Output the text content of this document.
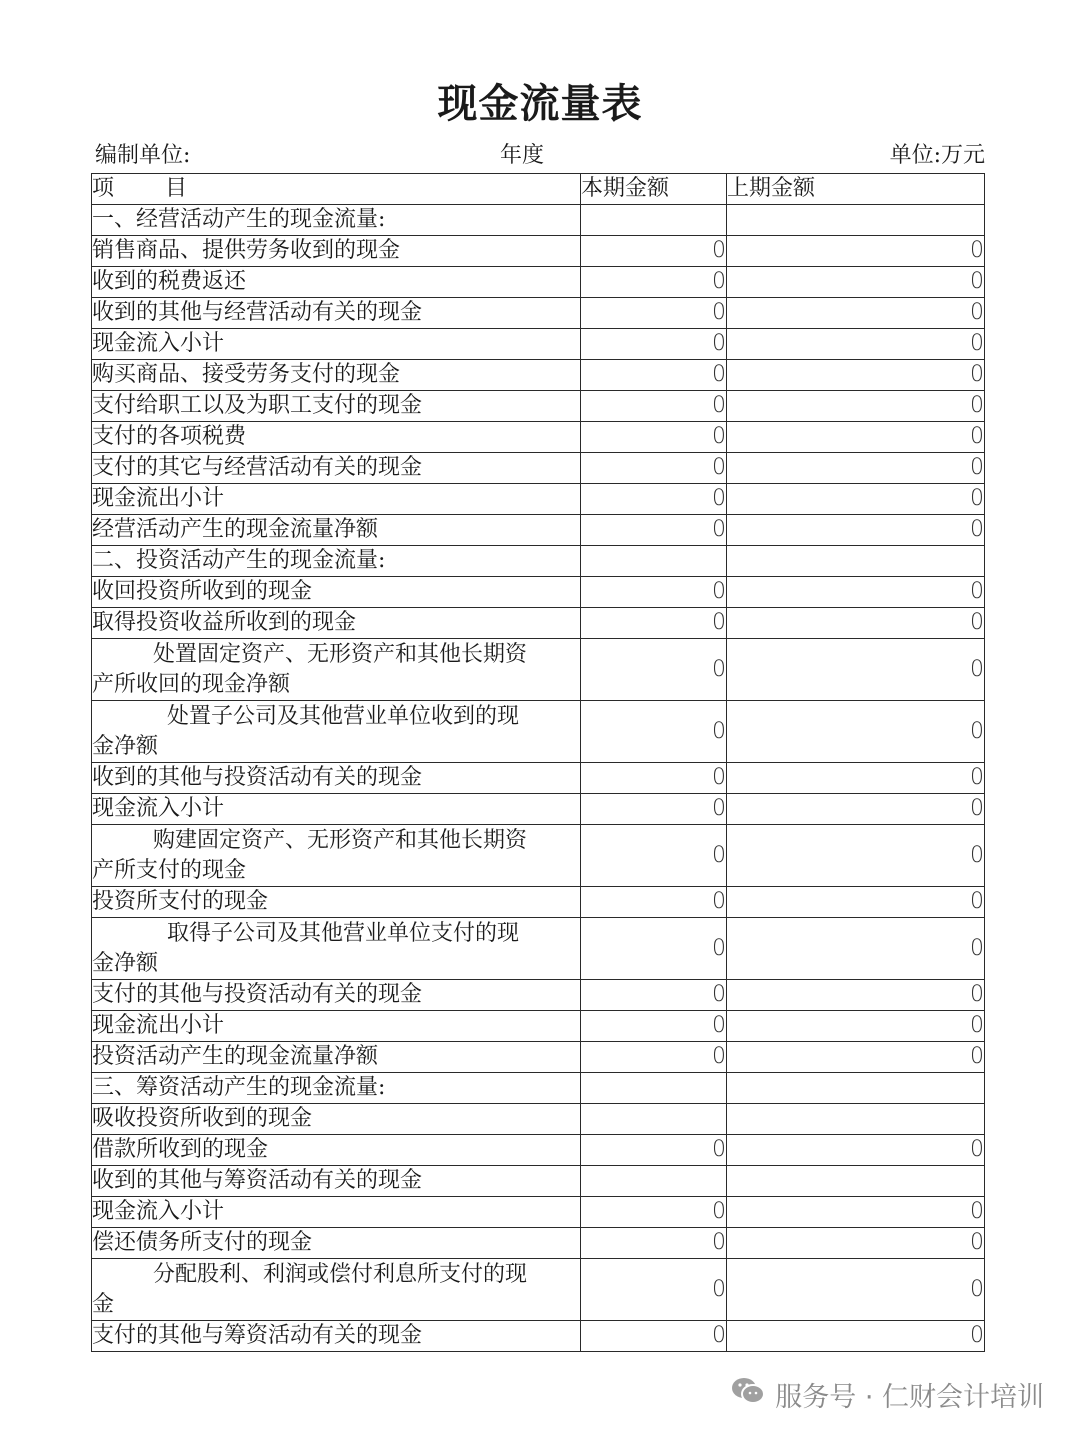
现金流量表
编制单位:	年度	单位:万元
项　　 目	本期金额	上期金额
一、经营活动产生的现金流量:		
销售商品、提供劳务收到的现金	0	0
收到的税费返还	0	0
收到的其他与经营活动有关的现金	0	0
现金流入小计	0	0
购买商品、接受劳务支付的现金	0	0
支付给职工以及为职工支付的现金	0	0
支付的各项税费	0	0
支付的其它与经营活动有关的现金	0	0
现金流出小计	0	0
经营活动产生的现金流量净额	0	0
二、投资活动产生的现金流量:		
收回投资所收到的现金	0	0
取得投资收益所收到的现金	0	0
处置固定资产、无形资产和其他长期资
产所收回的现金净额	0	0
处置子公司及其他营业单位收到的现
金净额	0	0
收到的其他与投资活动有关的现金	0	0
现金流入小计	0	0
购建固定资产、无形资产和其他长期资
产所支付的现金	0	0
投资所支付的现金	0	0
取得子公司及其他营业单位支付的现
金净额	0	0
支付的其他与投资活动有关的现金	0	0
现金流出小计	0	0
投资活动产生的现金流量净额	0	0
三、筹资活动产生的现金流量:		
吸收投资所收到的现金		
借款所收到的现金	0	0
收到的其他与筹资活动有关的现金		
现金流入小计	0	0
偿还债务所支付的现金	0	0
分配股利、利润或偿付利息所支付的现
金	0	0
支付的其他与筹资活动有关的现金	0	0
服务号 · 仁财会计培训
